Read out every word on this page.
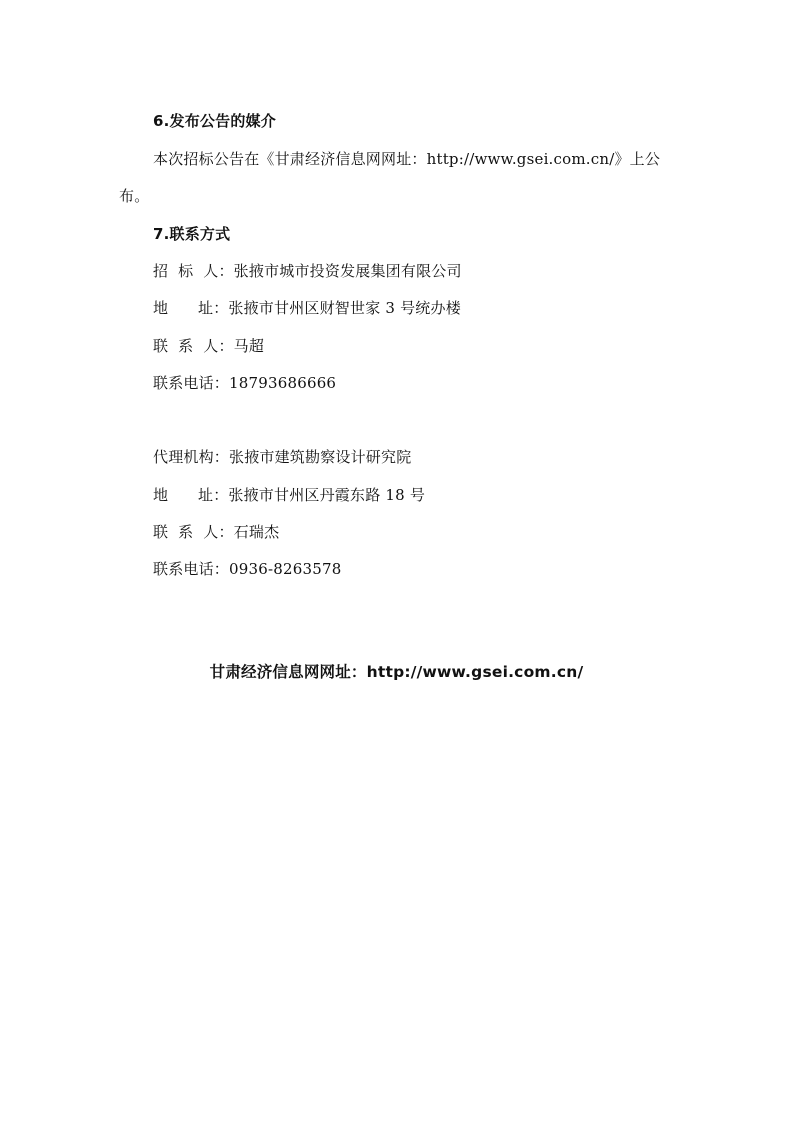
6.发布公告的媒介
本次招标公告在《甘肃经济信息网网址：http://www.gsei.com.cn/》上公
布。
7.联系方式
招  标  人：张掖市城市投资发展集团有限公司
地      址：张掖市甘州区财智世家 3 号统办楼
联  系  人：马超
联系电话：18793686666
代理机构：张掖市建筑勘察设计研究院
地      址：张掖市甘州区丹霞东路 18 号
联  系  人：石瑞杰
联系电话：0936-8263578
甘肃经济信息网网址：http://www.gsei.com.cn/
